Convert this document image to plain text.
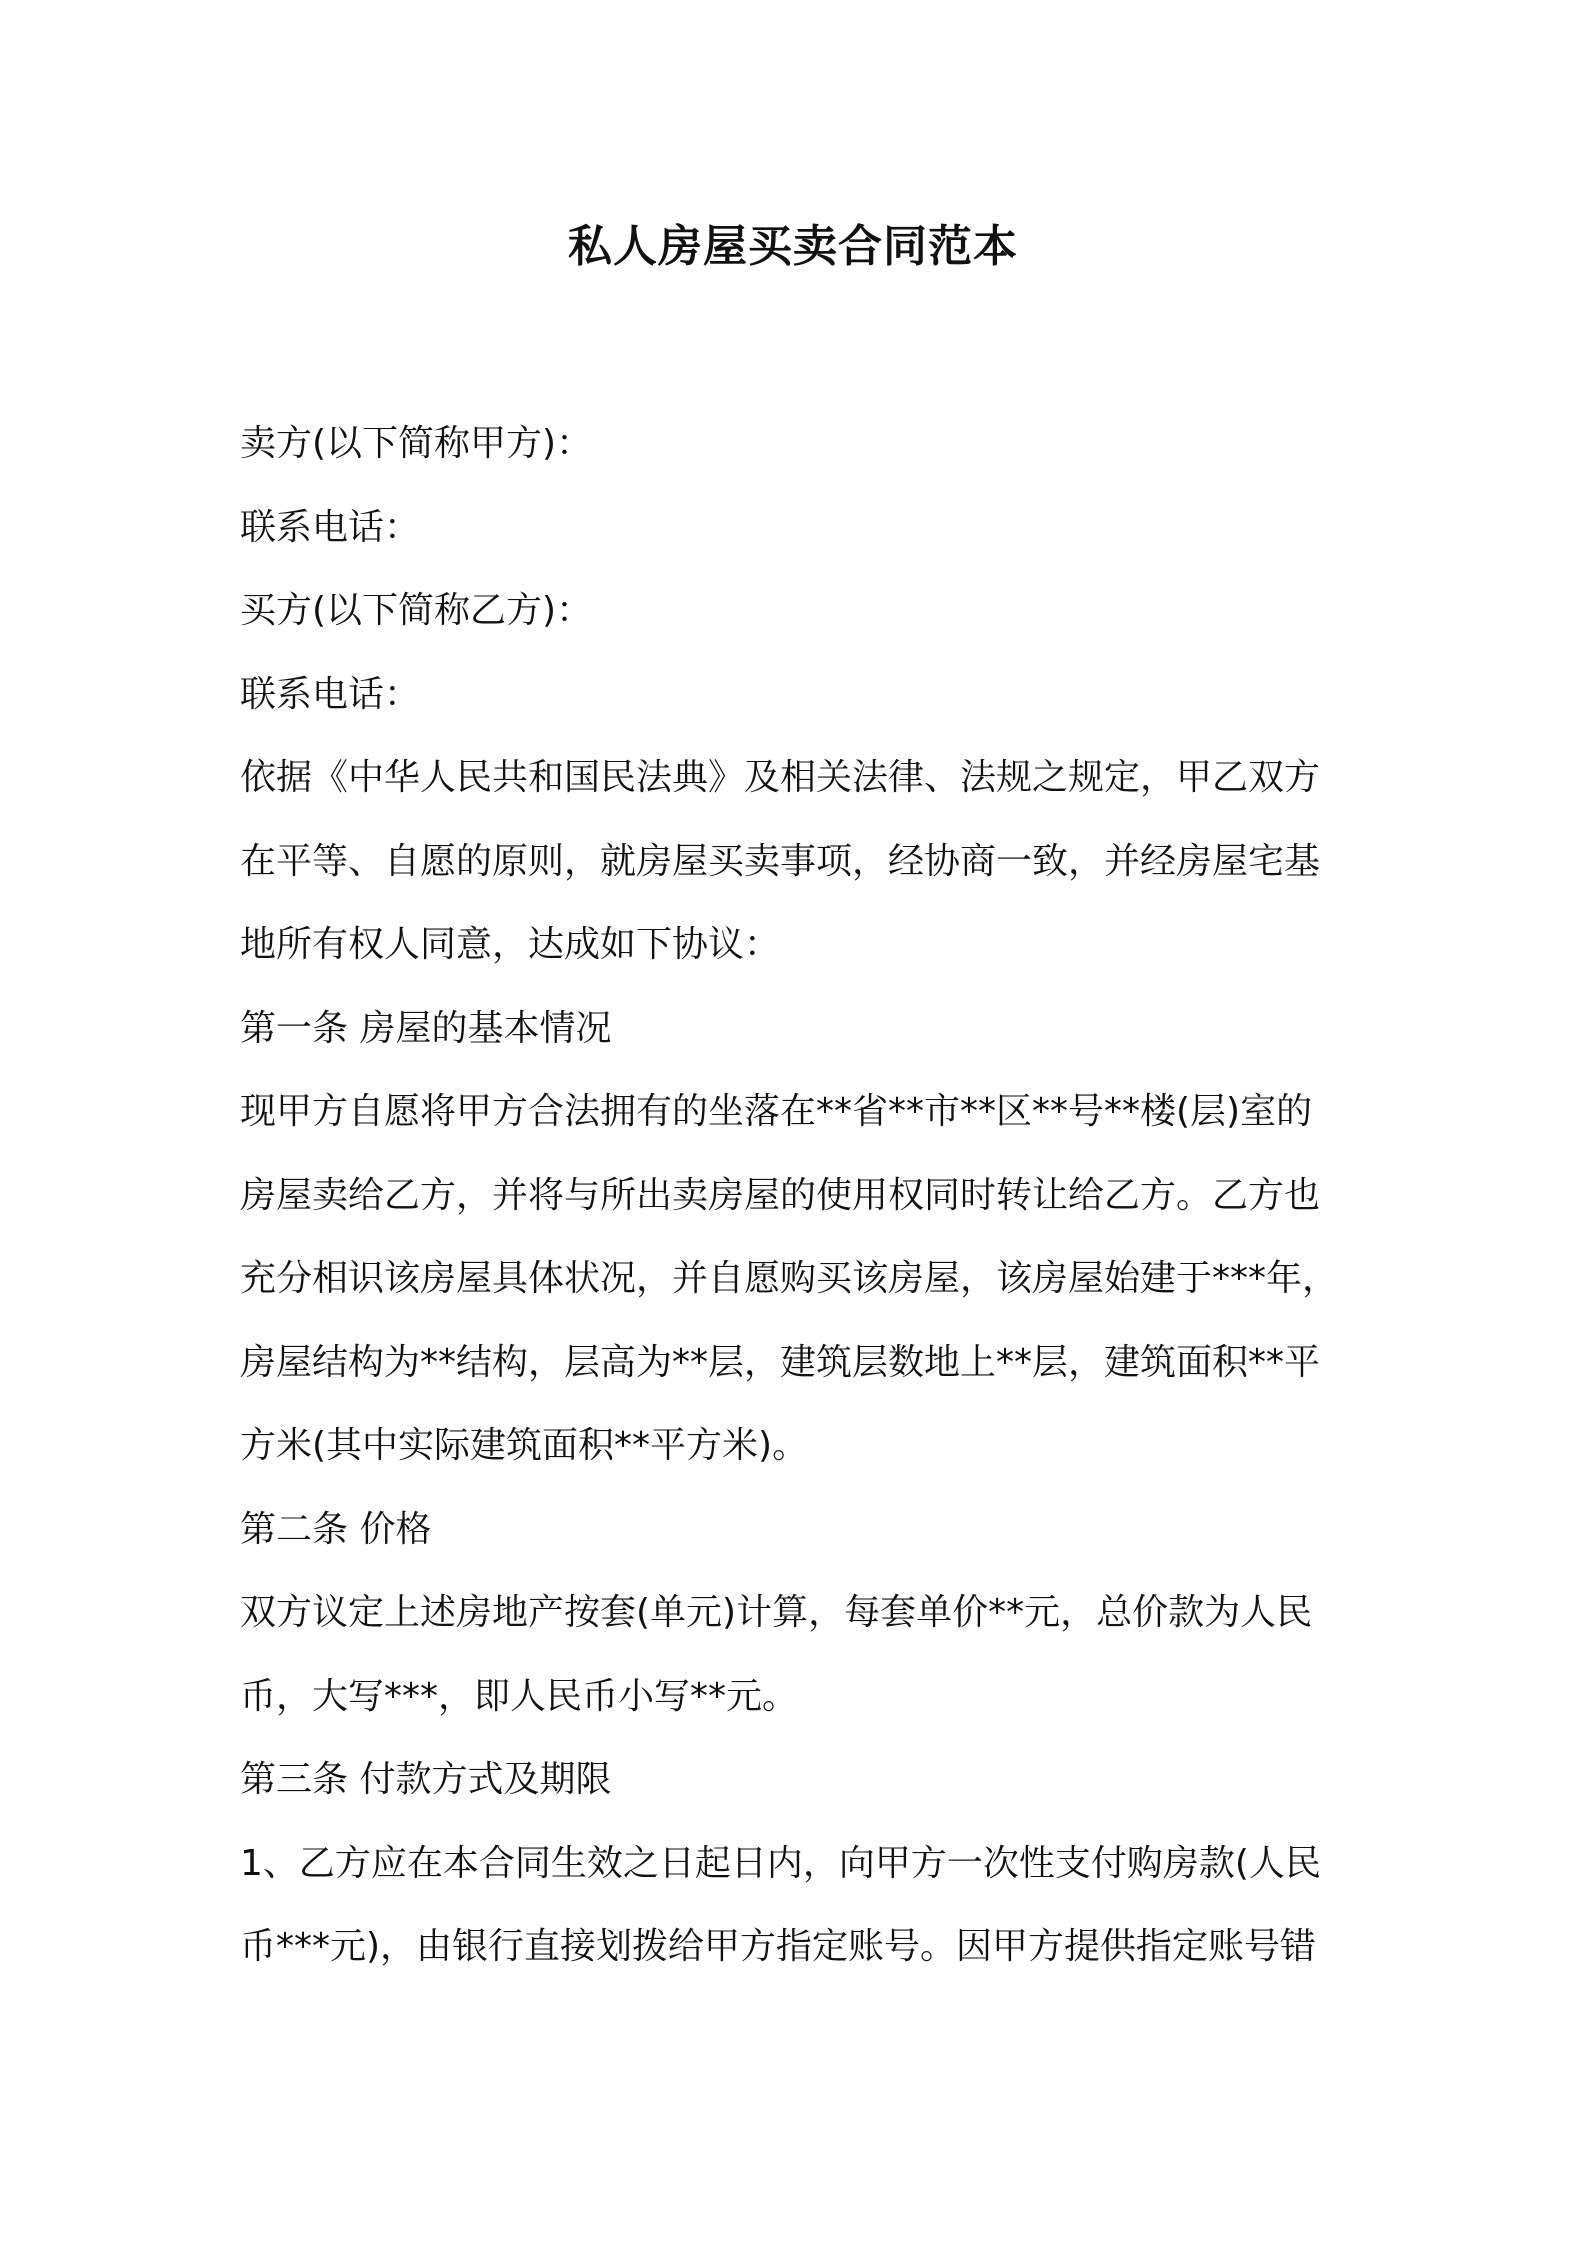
私人房屋买卖合同范本
卖方(以下简称甲方)：
联系电话：
买方(以下简称乙方)：
联系电话：
依据《中华人民共和国民法典》及相关法律、法规之规定，甲乙双方
在平等、自愿的原则，就房屋买卖事项，经协商一致，并经房屋宅基
地所有权人同意，达成如下协议：
第一条 房屋的基本情况
现甲方自愿将甲方合法拥有的坐落在**省**市**区**号**楼(层)室的
房屋卖给乙方，并将与所出卖房屋的使用权同时转让给乙方。乙方也
充分相识该房屋具体状况，并自愿购买该房屋，该房屋始建于***年，
房屋结构为**结构，层高为**层，建筑层数地上**层，建筑面积**平
方米(其中实际建筑面积**平方米)。
第二条 价格
双方议定上述房地产按套(单元)计算，每套单价**元，总价款为人民
币，大写***，即人民币小写**元。
第三条 付款方式及期限
1、乙方应在本合同生效之日起日内，向甲方一次性支付购房款(人民
币***元)，由银行直接划拨给甲方指定账号。因甲方提供指定账号错
